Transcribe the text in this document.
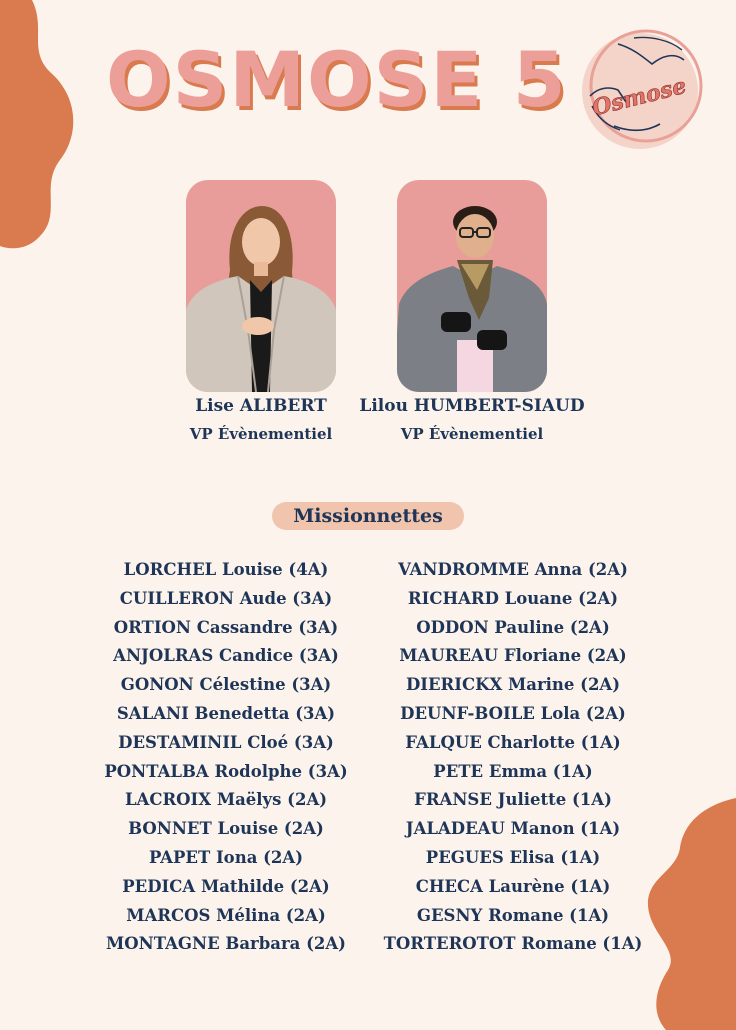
OSMOSE 5 Osmose
Lise ALIBERT
VP Évènementiel
Lilou HUMBERT-SIAUD
VP Évènementiel
Missionnettes
LORCHEL Louise (4A)
CUILLERON Aude (3A)
ORTION Cassandre (3A)
ANJOLRAS Candice (3A)
GONON Célestine (3A)
SALANI Benedetta (3A)
DESTAMINIL Cloé (3A)
PONTALBA Rodolphe (3A)
LACROIX Maëlys (2A)
BONNET Louise (2A)
PAPET Iona (2A)
PEDICA Mathilde (2A)
MARCOS Mélina (2A)
MONTAGNE Barbara (2A)
VANDROMME Anna (2A)
RICHARD Louane (2A)
ODDON Pauline (2A)
MAUREAU Floriane (2A)
DIERICKX Marine (2A)
DEUNF-BOILE Lola (2A)
FALQUE Charlotte (1A)
PETE Emma (1A)
FRANSE Juliette (1A)
JALADEAU Manon (1A)
PEGUES Elisa (1A)
CHECA Laurène (1A)
GESNY Romane (1A)
TORTEROTOT Romane (1A)
